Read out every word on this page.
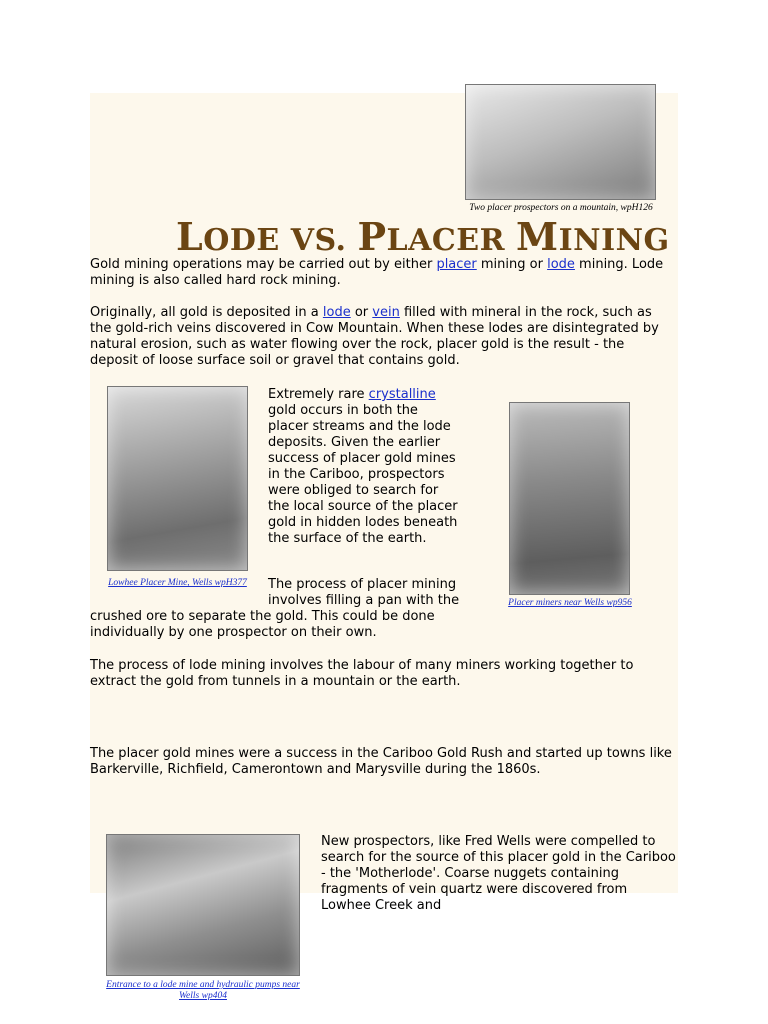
Two placer prospectors on a mountain, wpH126
LODE VS. PLACER MINING
Gold mining operations may be carried out by either placer mining or lode mining. Lode mining is also called hard rock mining.
Originally, all gold is deposited in a lode or vein filled with mineral in the rock, such as the gold-rich veins discovered in Cow Mountain. When these lodes are disintegrated by natural erosion, such as water flowing over the rock, placer gold is the result - the deposit of loose surface soil or gravel that contains gold.
Lowhee Placer Mine, Wells wpH377
Extremely rare crystalline gold occurs in both the placer streams and the lode deposits. Given the earlier success of placer gold mines in the Cariboo, prospectors were obliged to search for the local source of the placer gold in hidden lodes beneath the surface of the earth.
The process of placer mining involves filling a pan with the
crushed ore to separate the gold. This could be done individually by one prospector on their own.
Placer miners near Wells wp956
The process of lode mining involves the labour of many miners working together to extract the gold from tunnels in a mountain or the earth.
The placer gold mines were a success in the Cariboo Gold Rush and started up towns like Barkerville, Richfield, Camerontown and Marysville during the 1860s.
Entrance to a lode mine and hydraulic pumps near Wells wp404
New prospectors, like Fred Wells were compelled to search for the source of this placer gold in the Cariboo - the 'Motherlode'. Coarse nuggets containing fragments of vein quartz were discovered from Lowhee Creek and
